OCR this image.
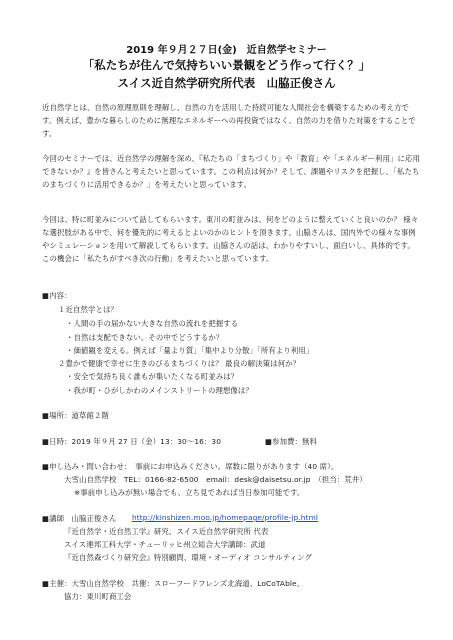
2019 年９月２７日(金)　近自然学セミナー
「私たちが住んで気持ちいい景観をどう作って行く？」
スイス近自然学研究所代表　山脇正俊さん
近自然学とは、自然の原理原則を理解し、自然の力を活用した持続可能な人間社会を構築するための考え方です。例えば、豊かな暮らしのために無理なエネルギーへの再投資ではなく、自然の力を借りた対策をすることです。
今回のセミナーでは、近自然学の理解を深め、『私たちの「まちづくり」や「教育」や「エネルギー利用」に応用できないか？』を皆さんと考えたいと思っています。この利点は何か？そして、課題やリスクを把握し、「私たちのまちづくりに活用できるか？」を考えたいと思っています。
今回は、特に町並みについて話してもらいます。東川の町並みは、何をどのように整えていくと良いのか？ 様々な選択肢がある中で、何を優先的に考えるとよいのかのヒントを頂きます。山脇さんは、国内外での様々な事例やシミュレーションを用いて解説してもらいます。山脇さんの話は、わかりやすいし、面白いし、具体的です。この機会に「私たちがすべき次の行動」を考えたいと思っています。
■内容：
１近自然学とは？
・人間の手の届かない大きな自然の流れを把握する
・自然は支配できない。その中でどうするか？
・価値観を変える。例えば「量より質」「集中より分散」「所有より利用」
２豊かで健康で幸せに生きのびるまちづくりは？ 最良の解決策は何か？
・安全で気持ち良く誰もが集いたくなる町並みは？
・我が町・ひがしかわのメインストリートの理想像は？
■場所：道草館２階
■日時：2019 年９月 27 日（金）13：30～16：30	■参加費：無料
■申し込み・問い合わせ：　事前にお申込みください。席数に限りがあります（40 席）。
大雪山自然学校　TEL：0166-82-6500　email：desk@daisetsu.or.jp　（担当：荒井）
※事前申し込みが無い場合でも、立ち見であれば当日参加可能です。
■講師　山脇正俊さん http://kinshizen.moo.jp/homepage/profile-jp.html
『近自然学・近自然工学』研究、スイス近自然学研究所 代表
スイス連邦工科大学・チューリッヒ州立総合大学講師：武道
『近自然森づくり研究会』特別顧問、環境・オーディオ コンサルティング
■主催：大雪山自然学校　共催：スローフードフレンズ北海道、LoCoTAble、
協力：東川町商工会
